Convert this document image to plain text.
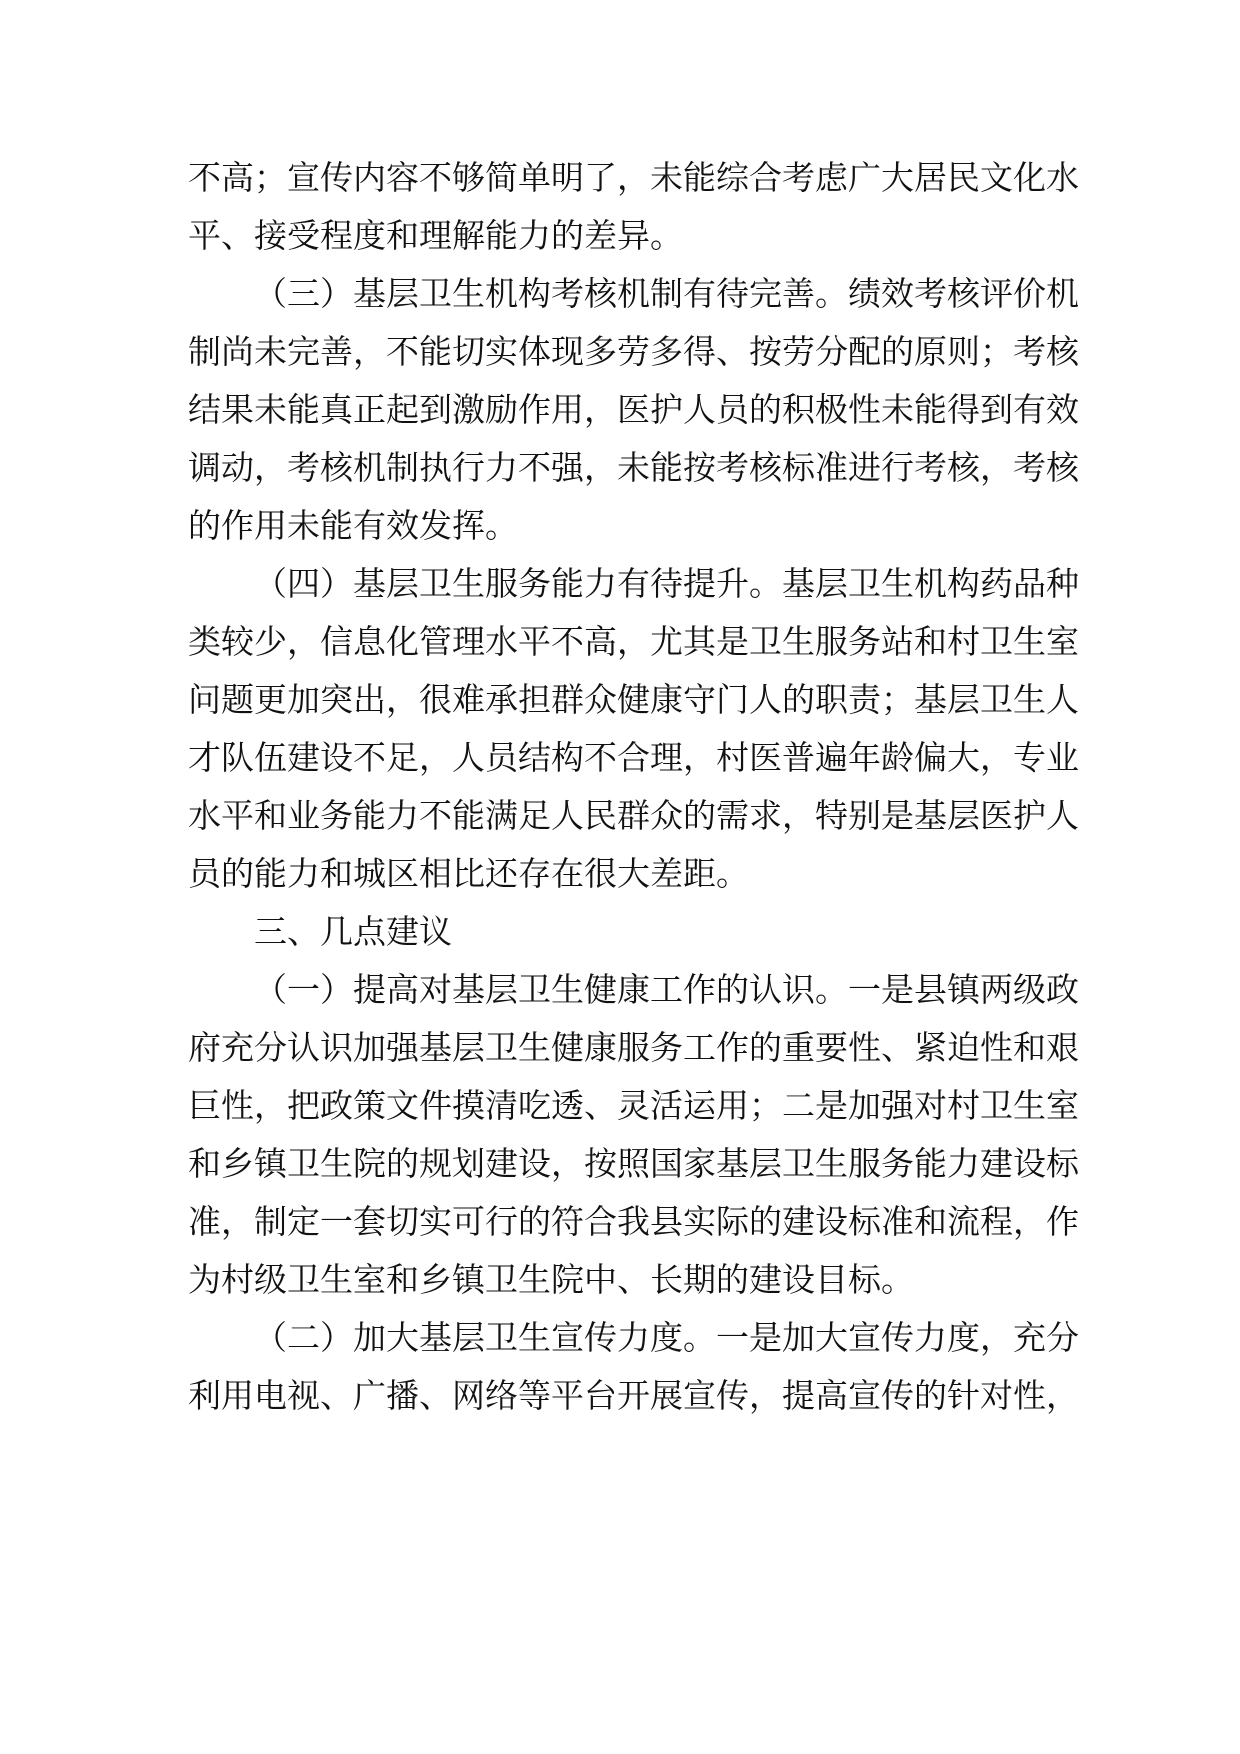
不高；宣传内容不够简单明了，未能综合考虑广大居民文化水
平、接受程度和理解能力的差异。
（三）基层卫生机构考核机制有待完善。绩效考核评价机
制尚未完善，不能切实体现多劳多得、按劳分配的原则；考核
结果未能真正起到激励作用，医护人员的积极性未能得到有效
调动，考核机制执行力不强，未能按考核标准进行考核，考核
的作用未能有效发挥。
（四）基层卫生服务能力有待提升。基层卫生机构药品种
类较少，信息化管理水平不高，尤其是卫生服务站和村卫生室
问题更加突出，很难承担群众健康守门人的职责；基层卫生人
才队伍建设不足，人员结构不合理，村医普遍年龄偏大，专业
水平和业务能力不能满足人民群众的需求，特别是基层医护人
员的能力和城区相比还存在很大差距。
三、几点建议
（一）提高对基层卫生健康工作的认识。一是县镇两级政
府充分认识加强基层卫生健康服务工作的重要性、紧迫性和艰
巨性，把政策文件摸清吃透、灵活运用；二是加强对村卫生室
和乡镇卫生院的规划建设，按照国家基层卫生服务能力建设标
准，制定一套切实可行的符合我县实际的建设标准和流程，作
为村级卫生室和乡镇卫生院中、长期的建设目标。
（二）加大基层卫生宣传力度。一是加大宣传力度，充分
利用电视、广播、网络等平台开展宣传，提高宣传的针对性，
